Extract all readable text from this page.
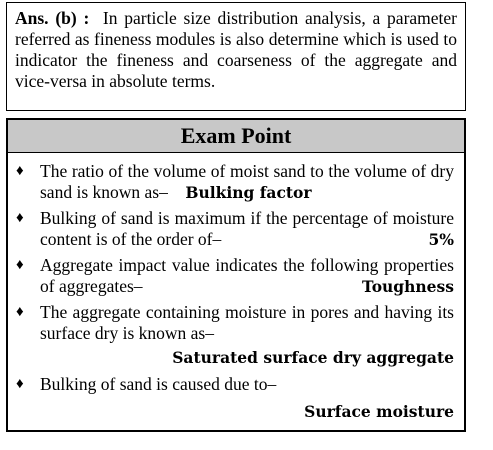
Ans. (b) : In particle size distribution analysis, a parameter referred as fineness modules is also determine which is used to indicator the fineness and coarseness of the aggregate and vice-versa in absolute terms.
Exam Point
♦ The ratio of the volume of moist sand to the volume of dry sand is known as– Bulking factor
♦ Bulking of sand is maximum if the percentage of moisture content is of the order of–	5%
♦ Aggregate impact value indicates the following properties of aggregates–	Toughness
♦ The aggregate containing moisture in pores and having its surface dry is known as–
Saturated surface dry aggregate
♦ Bulking of sand is caused due to–
Surface moisture
